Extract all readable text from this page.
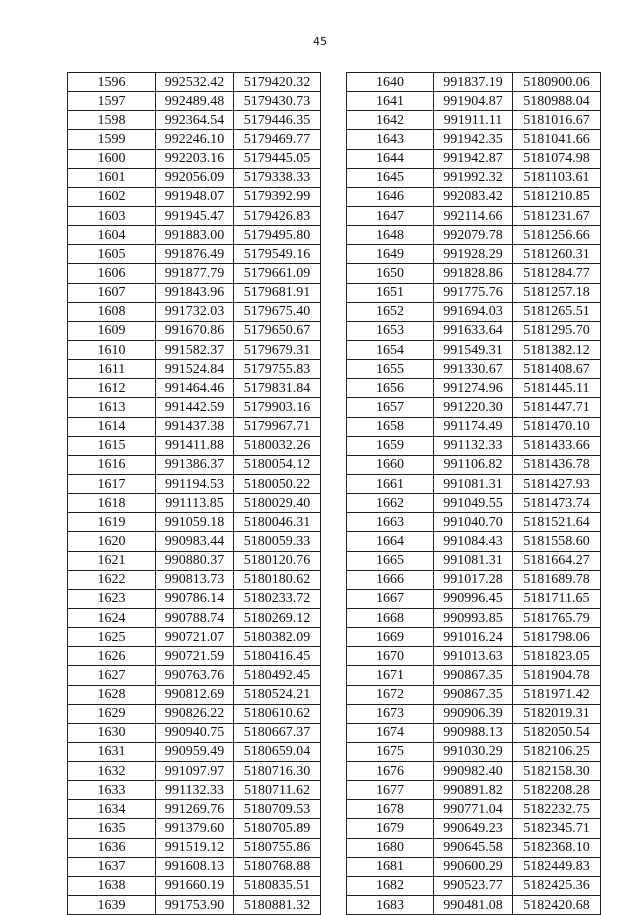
45
1596	992532.42	5179420.32
1597	992489.48	5179430.73
1598	992364.54	5179446.35
1599	992246.10	5179469.77
1600	992203.16	5179445.05
1601	992056.09	5179338.33
1602	991948.07	5179392.99
1603	991945.47	5179426.83
1604	991883.00	5179495.80
1605	991876.49	5179549.16
1606	991877.79	5179661.09
1607	991843.96	5179681.91
1608	991732.03	5179675.40
1609	991670.86	5179650.67
1610	991582.37	5179679.31
1611	991524.84	5179755.83
1612	991464.46	5179831.84
1613	991442.59	5179903.16
1614	991437.38	5179967.71
1615	991411.88	5180032.26
1616	991386.37	5180054.12
1617	991194.53	5180050.22
1618	991113.85	5180029.40
1619	991059.18	5180046.31
1620	990983.44	5180059.33
1621	990880.37	5180120.76
1622	990813.73	5180180.62
1623	990786.14	5180233.72
1624	990788.74	5180269.12
1625	990721.07	5180382.09
1626	990721.59	5180416.45
1627	990763.76	5180492.45
1628	990812.69	5180524.21
1629	990826.22	5180610.62
1630	990940.75	5180667.37
1631	990959.49	5180659.04
1632	991097.97	5180716.30
1633	991132.33	5180711.62
1634	991269.76	5180709.53
1635	991379.60	5180705.89
1636	991519.12	5180755.86
1637	991608.13	5180768.88
1638	991660.19	5180835.51
1639	991753.90	5180881.32
1640	991837.19	5180900.06
1641	991904.87	5180988.04
1642	991911.11	5181016.67
1643	991942.35	5181041.66
1644	991942.87	5181074.98
1645	991992.32	5181103.61
1646	992083.42	5181210.85
1647	992114.66	5181231.67
1648	992079.78	5181256.66
1649	991928.29	5181260.31
1650	991828.86	5181284.77
1651	991775.76	5181257.18
1652	991694.03	5181265.51
1653	991633.64	5181295.70
1654	991549.31	5181382.12
1655	991330.67	5181408.67
1656	991274.96	5181445.11
1657	991220.30	5181447.71
1658	991174.49	5181470.10
1659	991132.33	5181433.66
1660	991106.82	5181436.78
1661	991081.31	5181427.93
1662	991049.55	5181473.74
1663	991040.70	5181521.64
1664	991084.43	5181558.60
1665	991081.31	5181664.27
1666	991017.28	5181689.78
1667	990996.45	5181711.65
1668	990993.85	5181765.79
1669	991016.24	5181798.06
1670	991013.63	5181823.05
1671	990867.35	5181904.78
1672	990867.35	5181971.42
1673	990906.39	5182019.31
1674	990988.13	5182050.54
1675	991030.29	5182106.25
1676	990982.40	5182158.30
1677	990891.82	5182208.28
1678	990771.04	5182232.75
1679	990649.23	5182345.71
1680	990645.58	5182368.10
1681	990600.29	5182449.83
1682	990523.77	5182425.36
1683	990481.08	5182420.68
